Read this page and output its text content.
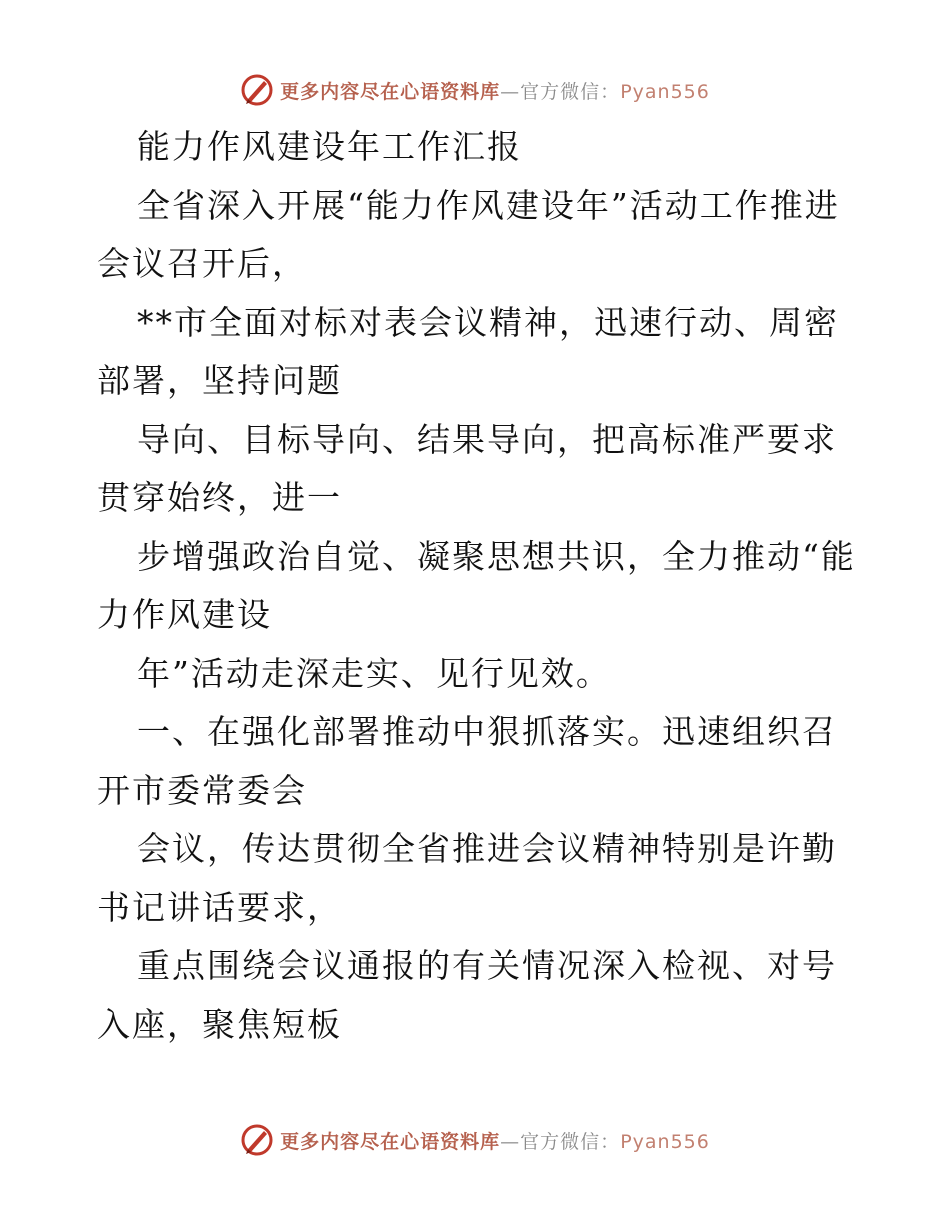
更多内容尽在心语资料库—官方微信：Pyan556

能力作风建设年工作汇报

全省深入开展“能力作风建设年”活动工作推进会议召开后，

**市全面对标对表会议精神，迅速行动、周密部署，坚持问题

导向、目标导向、结果导向，把高标准严要求贯穿始终，进一

步增强政治自觉、凝聚思想共识，全力推动“能力作风建设

年”活动走深走实、见行见效。

一、在强化部署推动中狠抓落实。迅速组织召开市委常委会

会议，传达贯彻全省推进会议精神特别是许勤书记讲话要求，

重点围绕会议通报的有关情况深入检视、对号入座，聚焦短板

更多内容尽在心语资料库—官方微信：Pyan556
